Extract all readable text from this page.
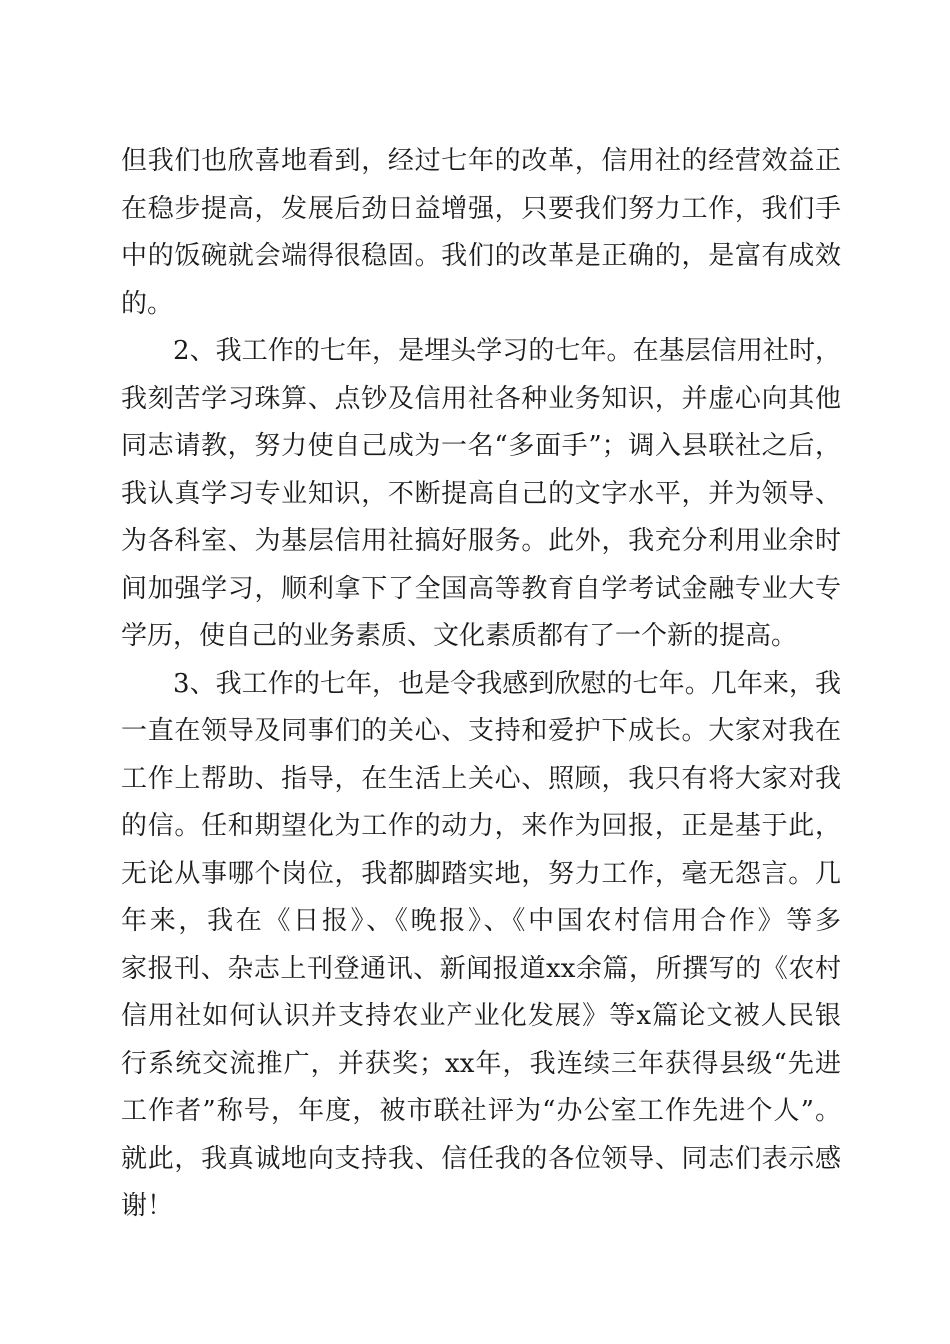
但我们也欣喜地看到，经过七年的改革，信用社的经营效益正
在稳步提高，发展后劲日益增强，只要我们努力工作，我们手
中的饭碗就会端得很稳固。我们的改革是正确的，是富有成效
的。
2、我工作的七年，是埋头学习的七年。在基层信用社时，
我刻苦学习珠算、点钞及信用社各种业务知识，并虚心向其他
同志请教，努力使自己成为一名“多面手”；调入县联社之后，
我认真学习专业知识，不断提高自己的文字水平，并为领导、
为各科室、为基层信用社搞好服务。此外，我充分利用业余时
间加强学习，顺利拿下了全国高等教育自学考试金融专业大专
学历，使自己的业务素质、文化素质都有了一个新的提高。
3、我工作的七年，也是令我感到欣慰的七年。几年来，我
一直在领导及同事们的关心、支持和爱护下成长。大家对我在
工作上帮助、指导，在生活上关心、照顾，我只有将大家对我
的信。任和期望化为工作的动力，来作为回报，正是基于此，
无论从事哪个岗位，我都脚踏实地，努力工作，毫无怨言。几
年来，我在《日报》、《晚报》、《中国农村信用合作》等多
家报刊、杂志上刊登通讯、新闻报道xx余篇，所撰写的《农村
信用社如何认识并支持农业产业化发展》等x篇论文被人民银
行系统交流推广，并获奖；xx年，我连续三年获得县级“先进
工作者”称号，年度，被市联社评为“办公室工作先进个人”。
就此，我真诚地向支持我、信任我的各位领导、同志们表示感
谢！
